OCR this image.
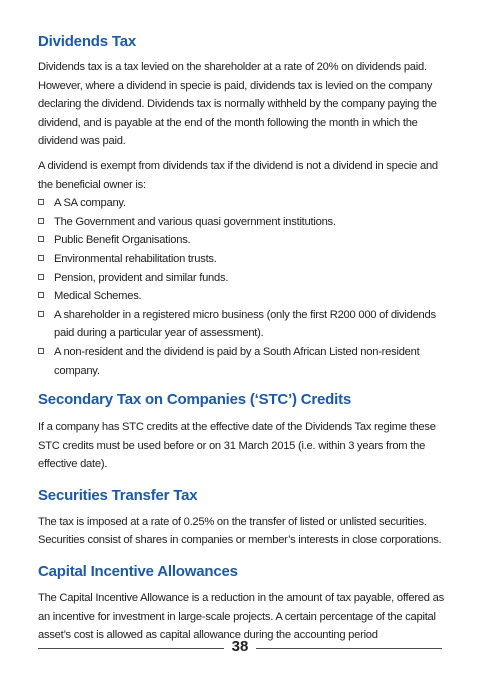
Dividends Tax

Dividends tax is a tax levied on the shareholder at a rate of 20% on dividends paid. However, where a dividend in specie is paid, dividends tax is levied on the company declaring the dividend. Dividends tax is normally withheld by the company paying the dividend, and is payable at the end of the month following the month in which the dividend was paid.

A dividend is exempt from dividends tax if the dividend is not a dividend in specie and the beneficial owner is:

A SA company.
The Government and various quasi government institutions.
Public Benefit Organisations.
Environmental rehabilitation trusts.
Pension, provident and similar funds.
Medical Schemes.
A shareholder in a registered micro business (only the first R200 000 of dividends paid during a particular year of assessment).
A non-resident and the dividend is paid by a South African Listed non-resident company.
Secondary Tax on Companies (‘STC’) Credits

If a company has STC credits at the effective date of the Dividends Tax regime these STC credits must be used before or on 31 March 2015 (i.e. within 3 years from the effective date).

Securities Transfer Tax

The tax is imposed at a rate of 0.25% on the transfer of listed or unlisted securities. Securities consist of shares in companies or member’s interests in close corporations.

Capital Incentive Allowances

The Capital Incentive Allowance is a reduction in the amount of tax payable, offered as an incentive for investment in large-scale projects. A certain percentage of the capital asset’s cost is allowed as capital allowance during the accounting period

38
